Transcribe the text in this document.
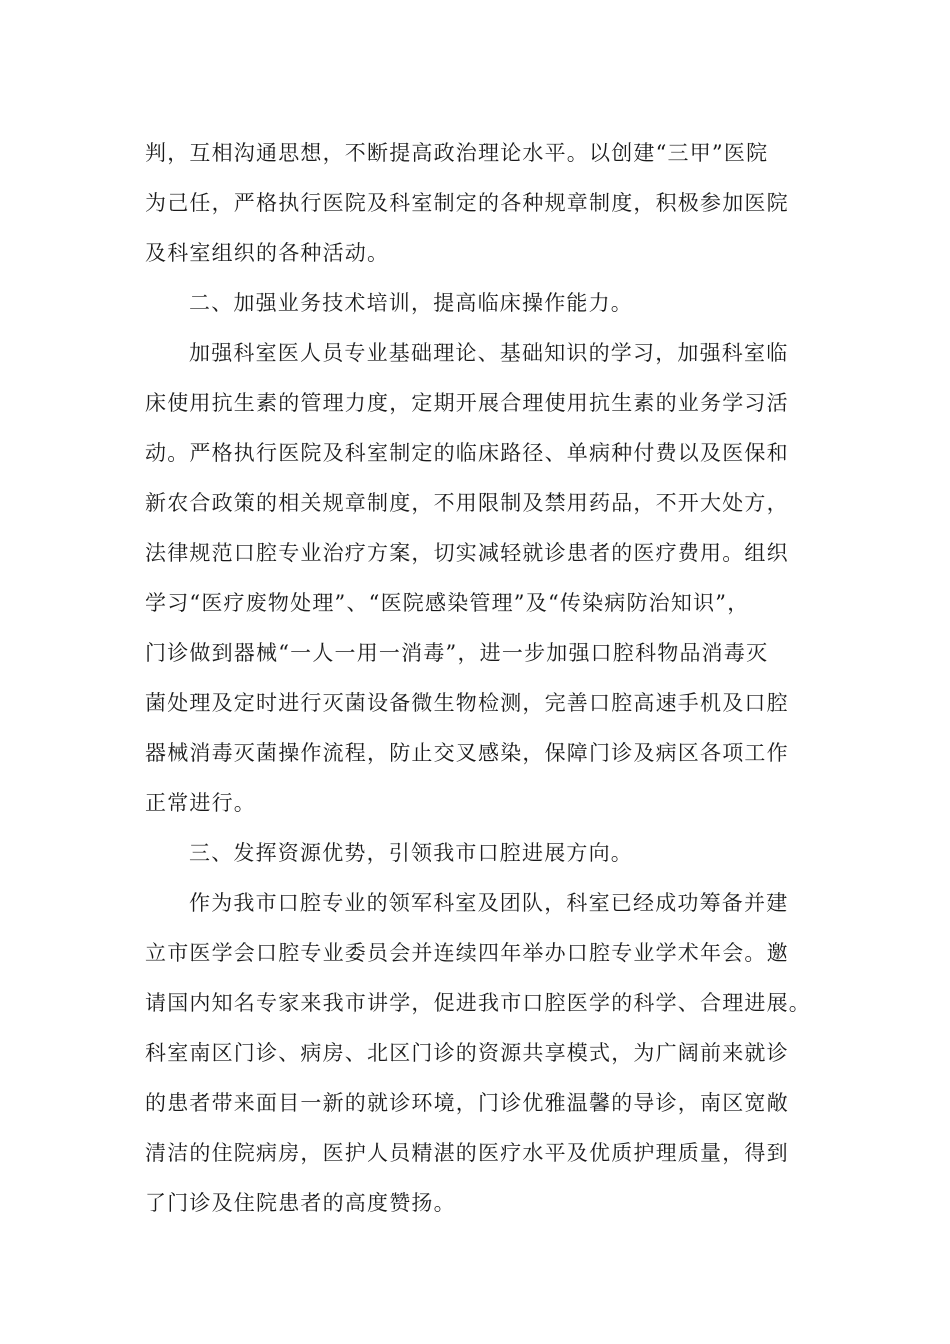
判，互相沟通思想，不断提高政治理论水平。以创建“三甲”医院
为己任，严格执行医院及科室制定的各种规章制度，积极参加医院
及科室组织的各种活动。
二、加强业务技术培训，提高临床操作能力。
加强科室医人员专业基础理论、基础知识的学习，加强科室临
床使用抗生素的管理力度，定期开展合理使用抗生素的业务学习活
动。严格执行医院及科室制定的临床路径、单病种付费以及医保和
新农合政策的相关规章制度，不用限制及禁用药品，不开大处方，
法律规范口腔专业治疗方案，切实减轻就诊患者的医疗费用。组织
学习“医疗废物处理”、“医院感染管理”及“传染病防治知识”，
门诊做到器械“一人一用一消毒”，进一步加强口腔科物品消毒灭
菌处理及定时进行灭菌设备微生物检测，完善口腔高速手机及口腔
器械消毒灭菌操作流程，防止交叉感染，保障门诊及病区各项工作
正常进行。
三、发挥资源优势，引领我市口腔进展方向。
作为我市口腔专业的领军科室及团队，科室已经成功筹备并建
立市医学会口腔专业委员会并连续四年举办口腔专业学术年会。邀
请国内知名专家来我市讲学，促进我市口腔医学的科学、合理进展。
科室南区门诊、病房、北区门诊的资源共享模式，为广阔前来就诊
的患者带来面目一新的就诊环境，门诊优雅温馨的导诊，南区宽敞
清洁的住院病房，医护人员精湛的医疗水平及优质护理质量，得到
了门诊及住院患者的高度赞扬。
